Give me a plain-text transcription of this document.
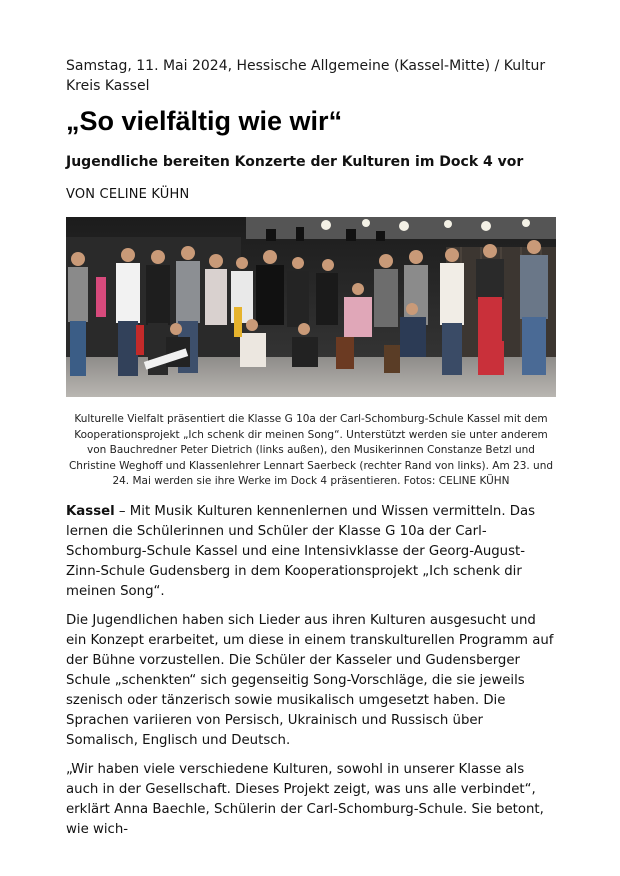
Samstag, 11. Mai 2024, Hessische Allgemeine (Kassel-Mitte) / Kultur Kreis Kassel

„So vielfältig wie wir“
Jugendliche bereiten Konzerte der Kulturen im Dock 4 vor

VON CELINE KÜHN

Kulturelle Vielfalt präsentiert die Klasse G 10a der Carl-Schomburg-Schule Kassel mit dem Kooperationsprojekt „Ich schenk dir meinen Song“. Unterstützt werden sie unter anderem von Bauchredner Peter Dietrich (links außen), den Musikerinnen Constanze Betzl und Christine Weghoff und Klassenlehrer Lennart Saerbeck (rechter Rand von links). Am 23. und 24. Mai werden sie ihre Werke im Dock 4 präsentieren. Fotos: CELINE KÜHN

Kassel – Mit Musik Kulturen kennenlernen und Wissen vermitteln. Das lernen die Schülerinnen und Schüler der Klasse G 10a der Carl-Schomburg-Schule Kassel und eine Intensivklasse der Georg-August-Zinn-Schule Gudensberg in dem Kooperationsprojekt „Ich schenk dir meinen Song“.

Die Jugendlichen haben sich Lieder aus ihren Kulturen ausgesucht und ein Konzept erarbeitet, um diese in einem transkulturellen Programm auf der Bühne vorzustellen. Die Schüler der Kasseler und Gudensberger Schule „schenkten“ sich gegenseitig Song-Vorschläge, die sie jeweils szenisch oder tänzerisch sowie musikalisch umgesetzt haben. Die Sprachen variieren von Persisch, Ukrainisch und Russisch über Somalisch, Englisch und Deutsch.

„Wir haben viele verschiedene Kulturen, sowohl in unserer Klasse als auch in der Gesellschaft. Dieses Projekt zeigt, was uns alle verbindet“, erklärt Anna Baechle, Schülerin der Carl-Schomburg-Schule. Sie betont, wie wich-
